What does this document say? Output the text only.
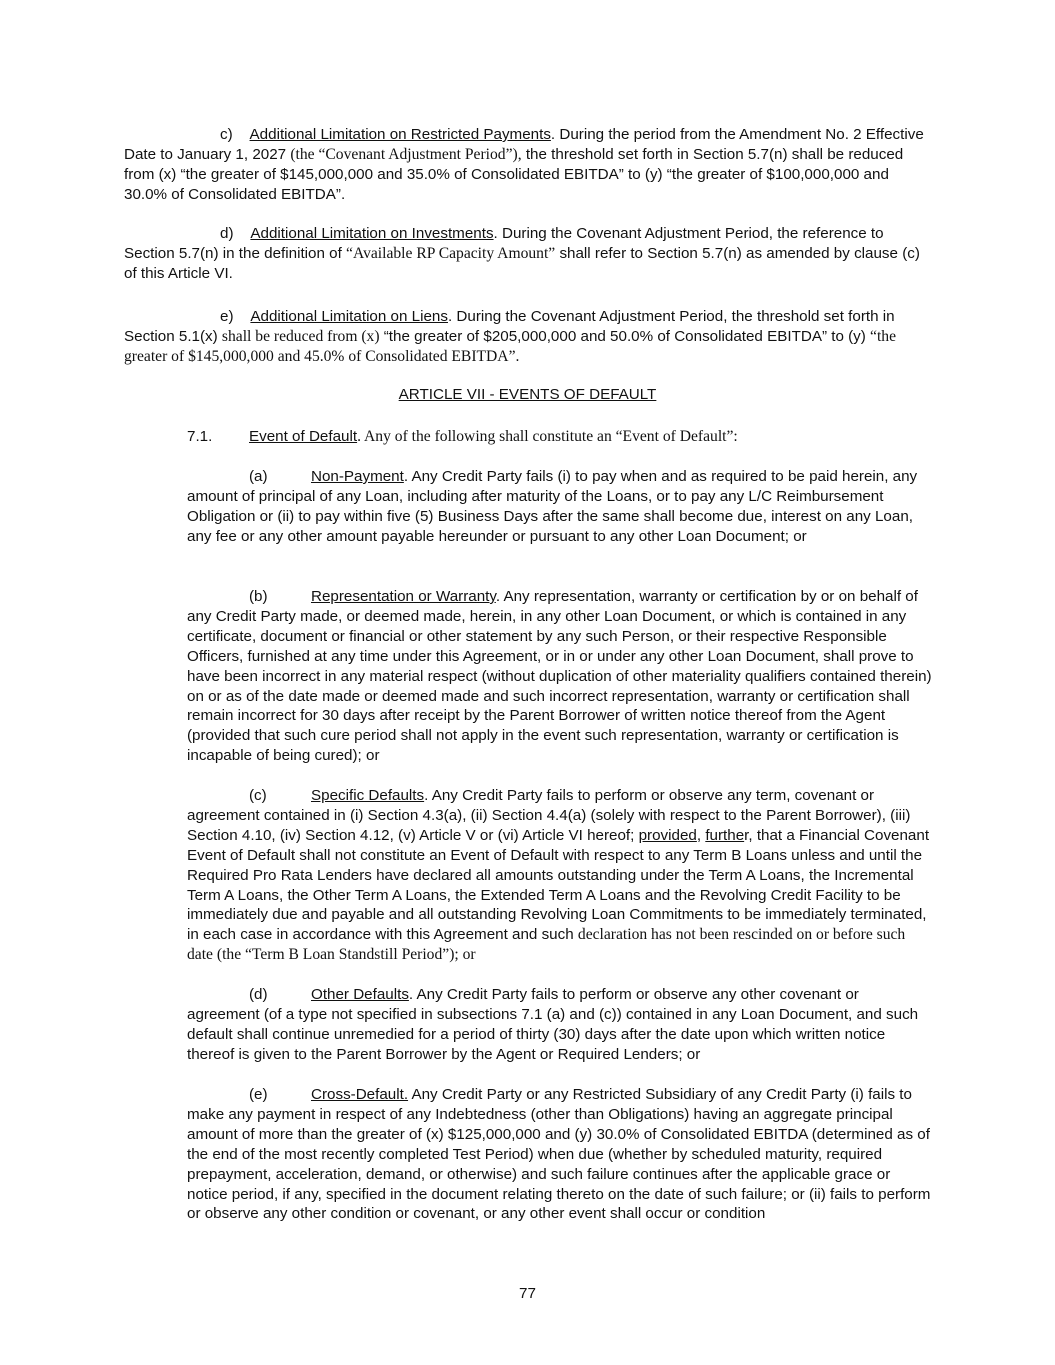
c) Additional Limitation on Restricted Payments. During the period from the Amendment No. 2 Effective Date to January 1, 2027 (the “Covenant Adjustment Period”), the threshold set forth in Section 5.7(n) shall be reduced from (x) “the greater of $145,000,000 and 35.0% of Consolidated EBITDA” to (y) “the greater of $100,000,000 and 30.0% of Consolidated EBITDA”.

d) Additional Limitation on Investments. During the Covenant Adjustment Period, the reference to Section 5.7(n) in the definition of “Available RP Capacity Amount” shall refer to Section 5.7(n) as amended by clause (c) of this Article VI.

e) Additional Limitation on Liens. During the Covenant Adjustment Period, the threshold set forth in Section 5.1(x) shall be reduced from (x) “the greater of $205,000,000 and 50.0% of Consolidated EBITDA” to (y) “the greater of $145,000,000 and 45.0% of Consolidated EBITDA”.

ARTICLE VII - EVENTS OF DEFAULT

7.1. Event of Default. Any of the following shall constitute an “Event of Default”:

(a)	Non-Payment. Any Credit Party fails (i) to pay when and as required to be paid herein, any amount of principal of any Loan, including after maturity of the Loans, or to pay any L/C Reimbursement Obligation or (ii) to pay within five (5) Business Days after the same shall become due, interest on any Loan, any fee or any other amount payable hereunder or pursuant to any other Loan Document; or

(b)	Representation or Warranty. Any representation, warranty or certification by or on behalf of any Credit Party made, or deemed made, herein, in any other Loan Document, or which is contained in any certificate, document or financial or other statement by any such Person, or their respective Responsible Officers, furnished at any time under this Agreement, or in or under any other Loan Document, shall prove to have been incorrect in any material respect (without duplication of other materiality qualifiers contained therein) on or as of the date made or deemed made and such incorrect representation, warranty or certification shall remain incorrect for 30 days after receipt by the Parent Borrower of written notice thereof from the Agent (provided that such cure period shall not apply in the event such representation, warranty or certification is incapable of being cured); or

(c)	Specific Defaults. Any Credit Party fails to perform or observe any term, covenant or agreement contained in (i) Section 4.3(a), (ii) Section 4.4(a) (solely with respect to the Parent Borrower), (iii) Section 4.10, (iv) Section 4.12, (v) Article V or (vi) Article VI hereof; provided, further, that a Financial Covenant Event of Default shall not constitute an Event of Default with respect to any Term B Loans unless and until the Required Pro Rata Lenders have declared all amounts outstanding under the Term A Loans, the Incremental Term A Loans, the Other Term A Loans, the Extended Term A Loans and the Revolving Credit Facility to be immediately due and payable and all outstanding Revolving Loan Commitments to be immediately terminated, in each case in accordance with this Agreement and such declaration has not been rescinded on or before such date (the “Term B Loan Standstill Period”); or

(d)	Other Defaults. Any Credit Party fails to perform or observe any other covenant or agreement (of a type not specified in subsections 7.1 (a) and (c)) contained in any Loan Document, and such default shall continue unremedied for a period of thirty (30) days after the date upon which written notice thereof is given to the Parent Borrower by the Agent or Required Lenders; or

(e)	Cross-Default. Any Credit Party or any Restricted Subsidiary of any Credit Party (i) fails to make any payment in respect of any Indebtedness (other than Obligations) having an aggregate principal amount of more than the greater of (x) $125,000,000 and (y) 30.0% of Consolidated EBITDA (determined as of the end of the most recently completed Test Period) when due (whether by scheduled maturity, required prepayment, acceleration, demand, or otherwise) and such failure continues after the applicable grace or notice period, if any, specified in the document relating thereto on the date of such failure; or (ii) fails to perform or observe any other condition or covenant, or any other event shall occur or condition

77
